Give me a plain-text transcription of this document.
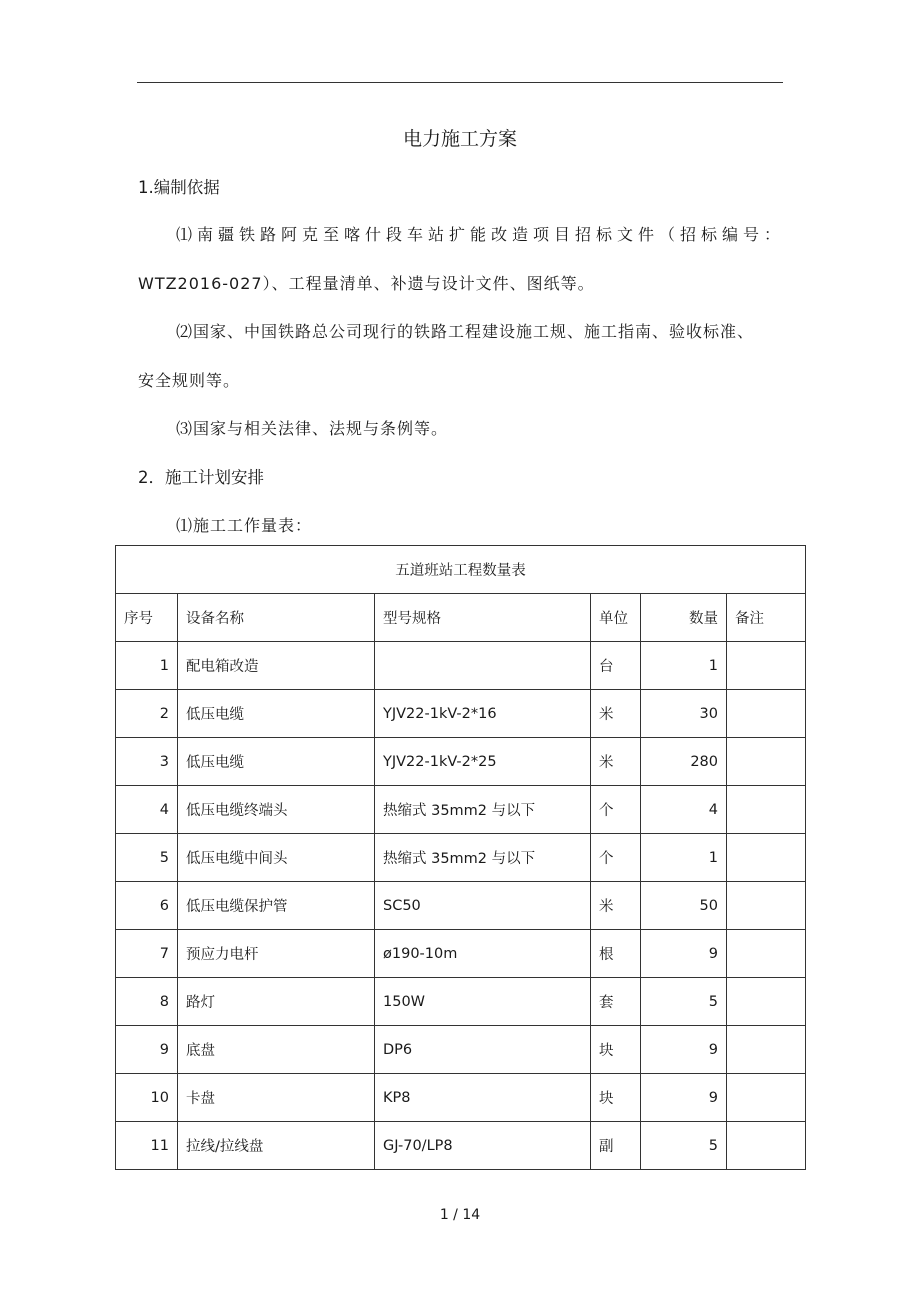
电力施工方案
1.编制依据
⑴南疆铁路阿克至喀什段车站扩能改造项目招标文件（招标编号：
WTZ2016-027）、工程量清单、补遗与设计文件、图纸等。
⑵国家、中国铁路总公司现行的铁路工程建设施工规、施工指南、验收标准、
安全规则等。
⑶国家与相关法律、法规与条例等。
2．施工计划安排
⑴施工工作量表：
五道班站工程数量表					
序号	设备名称	型号规格	单位	数量	备注
1	配电箱改造		台	1	
2	低压电缆	YJV22-1kV-2*16	米	30	
3	低压电缆	YJV22-1kV-2*25	米	280	
4	低压电缆终端头	热缩式 35mm2 与以下	个	4	
5	低压电缆中间头	热缩式 35mm2 与以下	个	1	
6	低压电缆保护管	SC50	米	50	
7	预应力电杆	ø190-10m	根	9	
8	路灯	150W	套	5	
9	底盘	DP6	块	9	
10	卡盘	KP8	块	9	
11	拉线/拉线盘	GJ-70/LP8	副	5	
1 / 14
